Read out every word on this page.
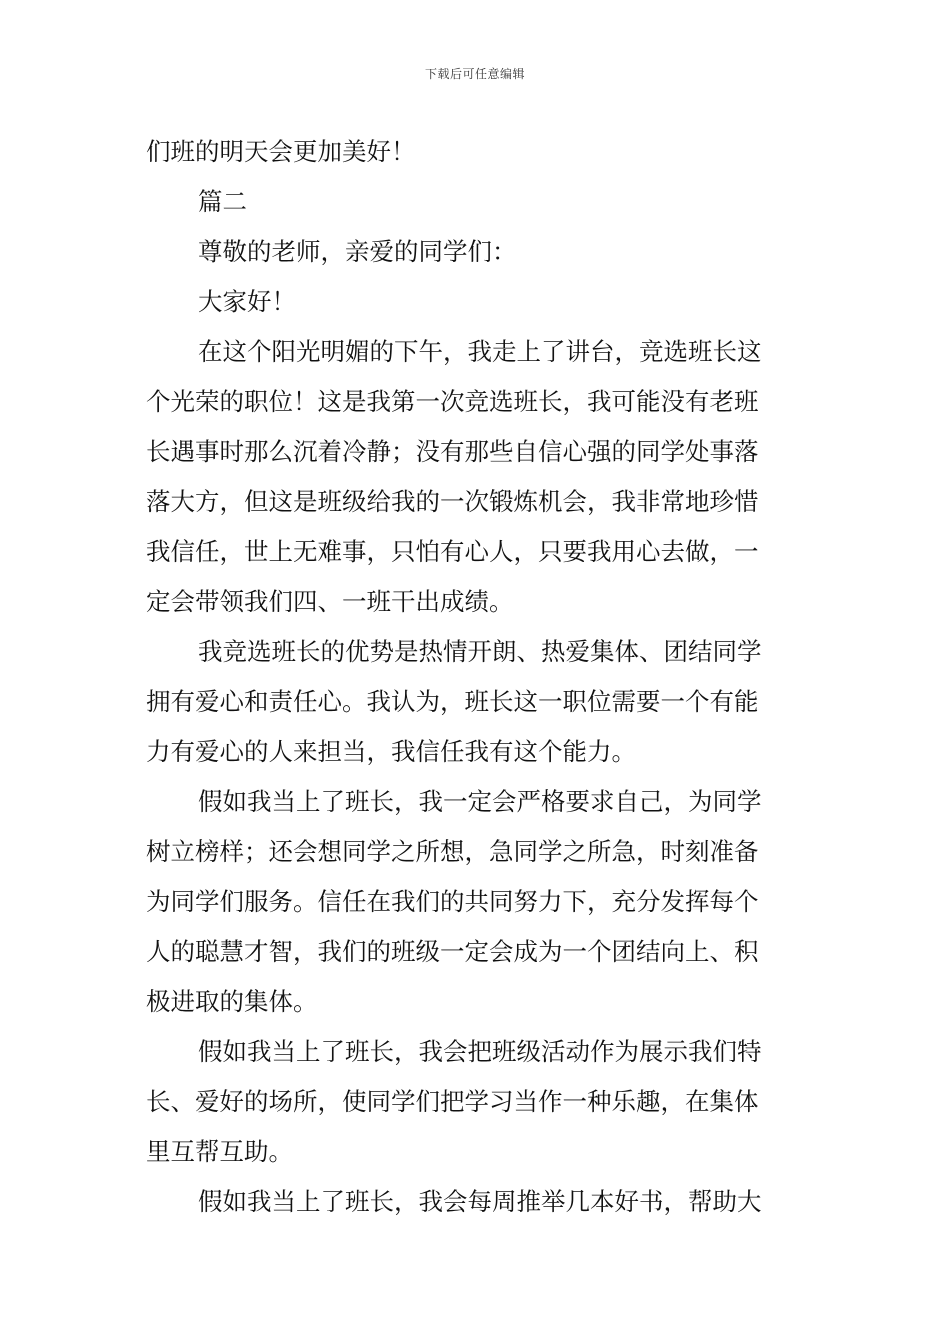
下载后可任意编辑
们班的明天会更加美好！
篇二
尊敬的老师，亲爱的同学们：
大家好！
在这个阳光明媚的下午，我走上了讲台，竞选班长这
个光荣的职位！这是我第一次竞选班长，我可能没有老班
长遇事时那么沉着冷静；没有那些自信心强的同学处事落
落大方，但这是班级给我的一次锻炼机会，我非常地珍惜
我信任，世上无难事，只怕有心人，只要我用心去做，一
定会带领我们四、一班干出成绩。
我竞选班长的优势是热情开朗、热爱集体、团结同学
拥有爱心和责任心。我认为，班长这一职位需要一个有能
力有爱心的人来担当，我信任我有这个能力。
假如我当上了班长，我一定会严格要求自己，为同学
树立榜样；还会想同学之所想，急同学之所急，时刻准备
为同学们服务。信任在我们的共同努力下，充分发挥每个
人的聪慧才智，我们的班级一定会成为一个团结向上、积
极进取的集体。
假如我当上了班长，我会把班级活动作为展示我们特
长、爱好的场所，使同学们把学习当作一种乐趣，在集体
里互帮互助。
假如我当上了班长，我会每周推举几本好书，帮助大
